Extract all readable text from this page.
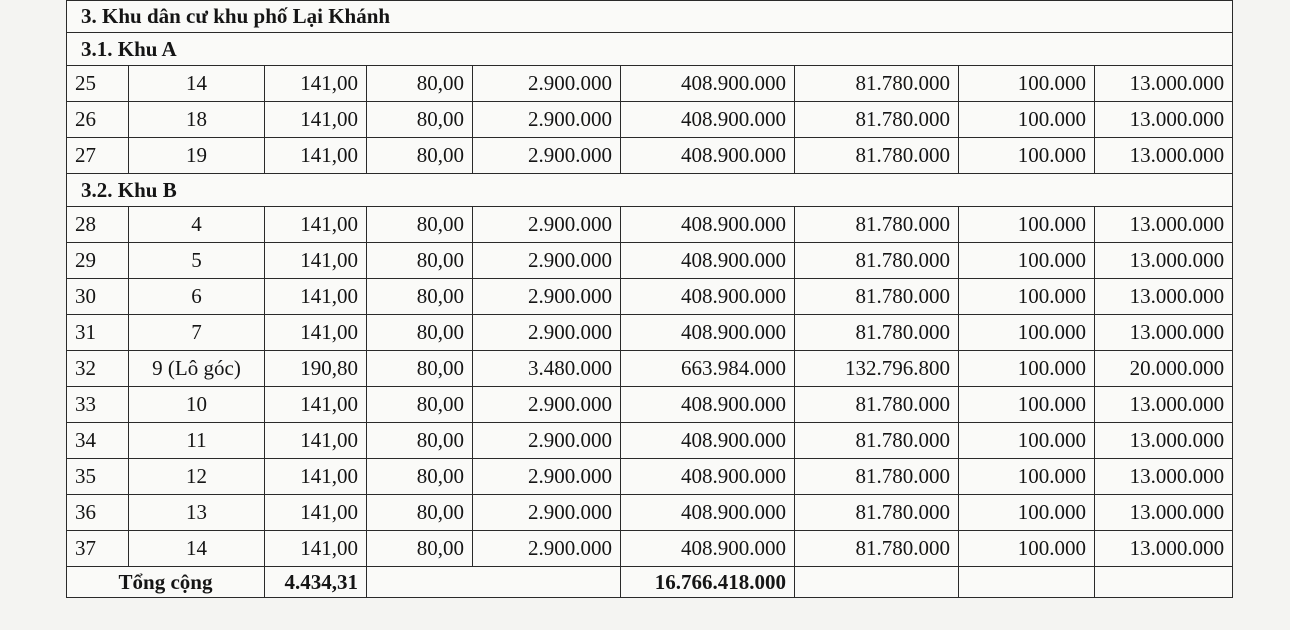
3. Khu dân cư khu phố Lại Khánh								
3.1. Khu A								
25	14	141,00	80,00	2.900.000	408.900.000	81.780.000	100.000	13.000.000
26	18	141,00	80,00	2.900.000	408.900.000	81.780.000	100.000	13.000.000
27	19	141,00	80,00	2.900.000	408.900.000	81.780.000	100.000	13.000.000
3.2. Khu B								
28	4	141,00	80,00	2.900.000	408.900.000	81.780.000	100.000	13.000.000
29	5	141,00	80,00	2.900.000	408.900.000	81.780.000	100.000	13.000.000
30	6	141,00	80,00	2.900.000	408.900.000	81.780.000	100.000	13.000.000
31	7	141,00	80,00	2.900.000	408.900.000	81.780.000	100.000	13.000.000
32	9 (Lô góc)	190,80	80,00	3.480.000	663.984.000	132.796.800	100.000	20.000.000
33	10	141,00	80,00	2.900.000	408.900.000	81.780.000	100.000	13.000.000
34	11	141,00	80,00	2.900.000	408.900.000	81.780.000	100.000	13.000.000
35	12	141,00	80,00	2.900.000	408.900.000	81.780.000	100.000	13.000.000
36	13	141,00	80,00	2.900.000	408.900.000	81.780.000	100.000	13.000.000
37	14	141,00	80,00	2.900.000	408.900.000	81.780.000	100.000	13.000.000
Tổng cộng		4.434,31			16.766.418.000			
